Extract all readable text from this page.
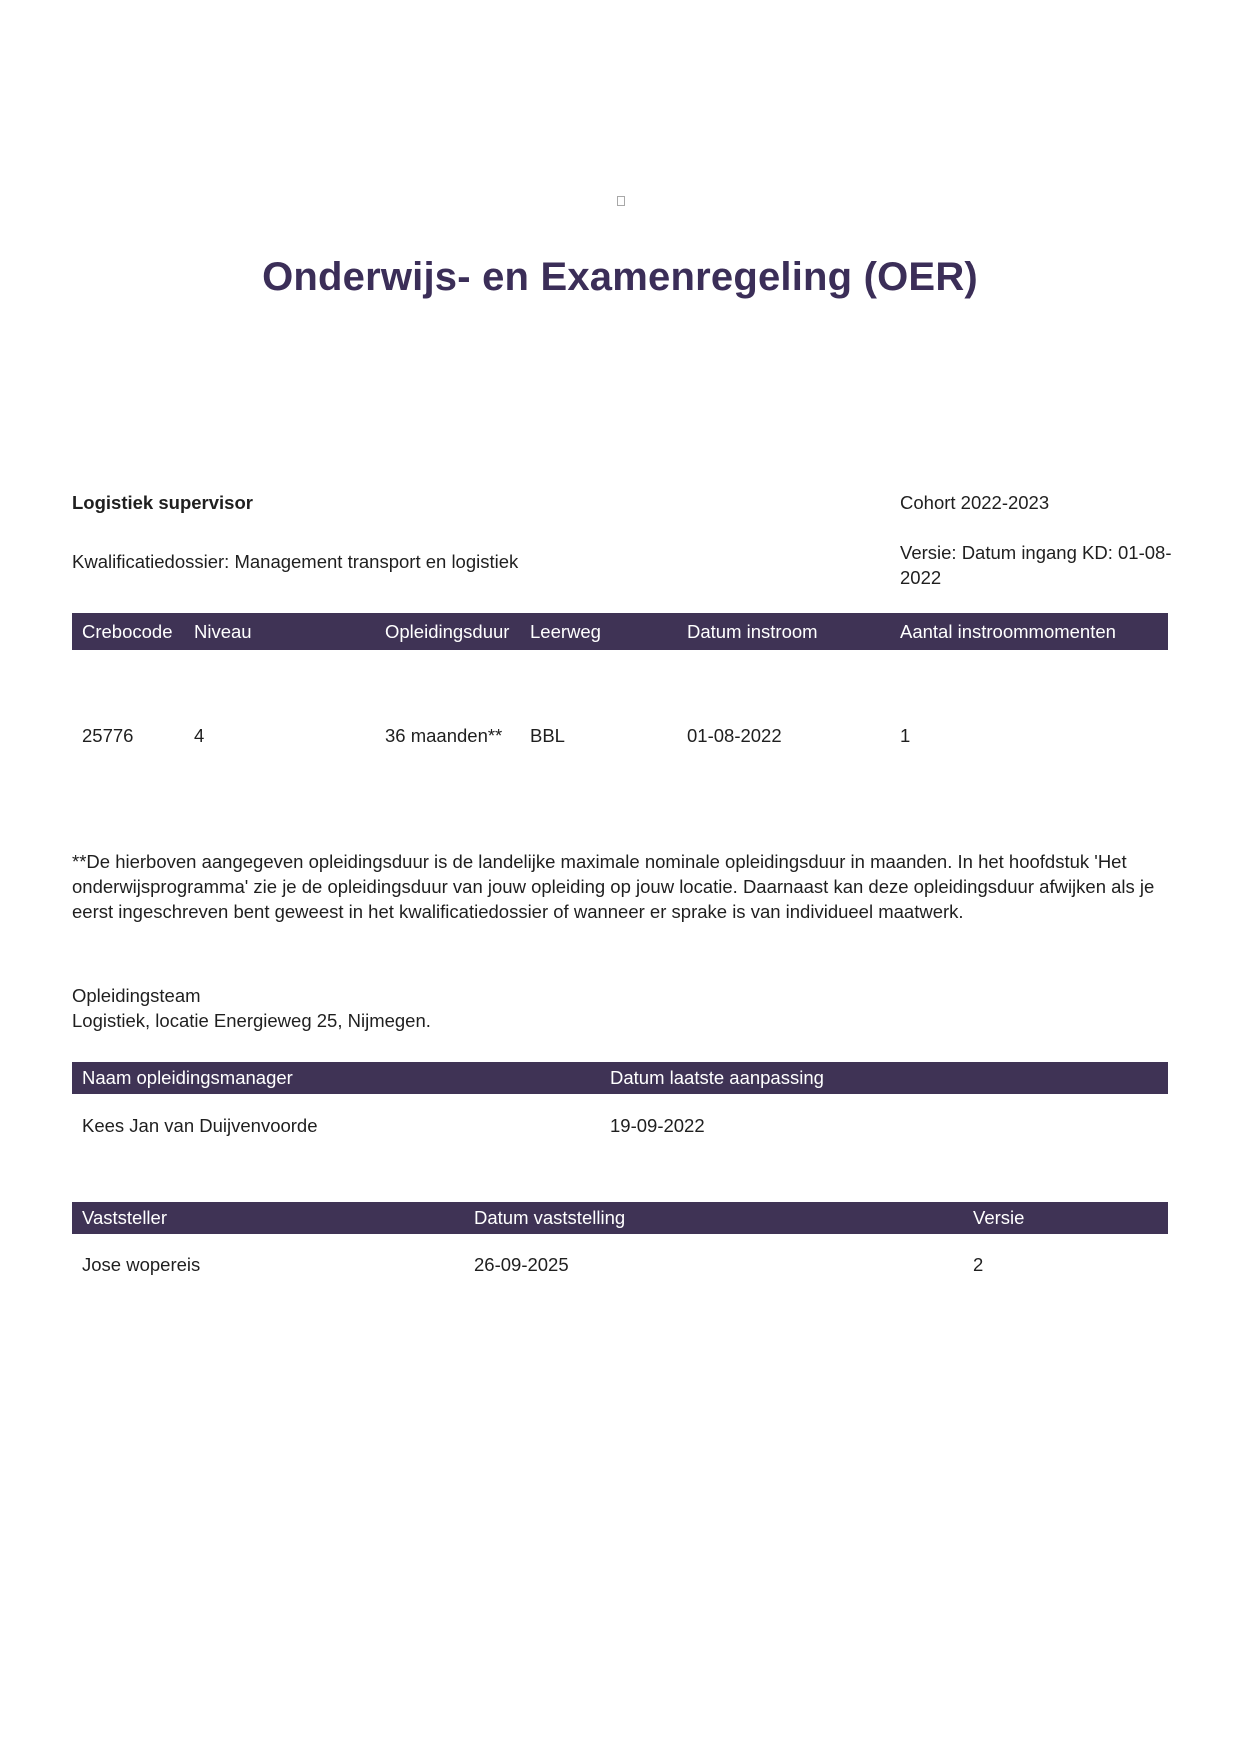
Onderwijs- en Examenregeling (OER)
Logistiek supervisor	Cohort 2022-2023
Kwalificatiedossier: Management transport en logistiek	Versie: Datum ingang KD: 01-08-2022
Crebocode	Niveau	Opleidingsduur	Leerweg	Datum instroom	Aantal instroommomenten
25776	4	36 maanden**	BBL	01-08-2022	1

**De hierboven aangegeven opleidingsduur is de landelijke maximale nominale opleidingsduur in maanden. In het hoofdstuk 'Het onderwijsprogramma' zie je de opleidingsduur van jouw opleiding op jouw locatie. Daarnaast kan deze opleidingsduur afwijken als je eerst ingeschreven bent geweest in het kwalificatiedossier of wanneer er sprake is van individueel maatwerk.

Opleidingsteam
Logistiek, locatie Energieweg 25, Nijmegen.
Naam opleidingsmanager	Datum laatste aanpassing
Kees Jan van Duijvenvoorde	19-09-2022
Vaststeller	Datum vaststelling	Versie
Jose wopereis	26-09-2025	2
